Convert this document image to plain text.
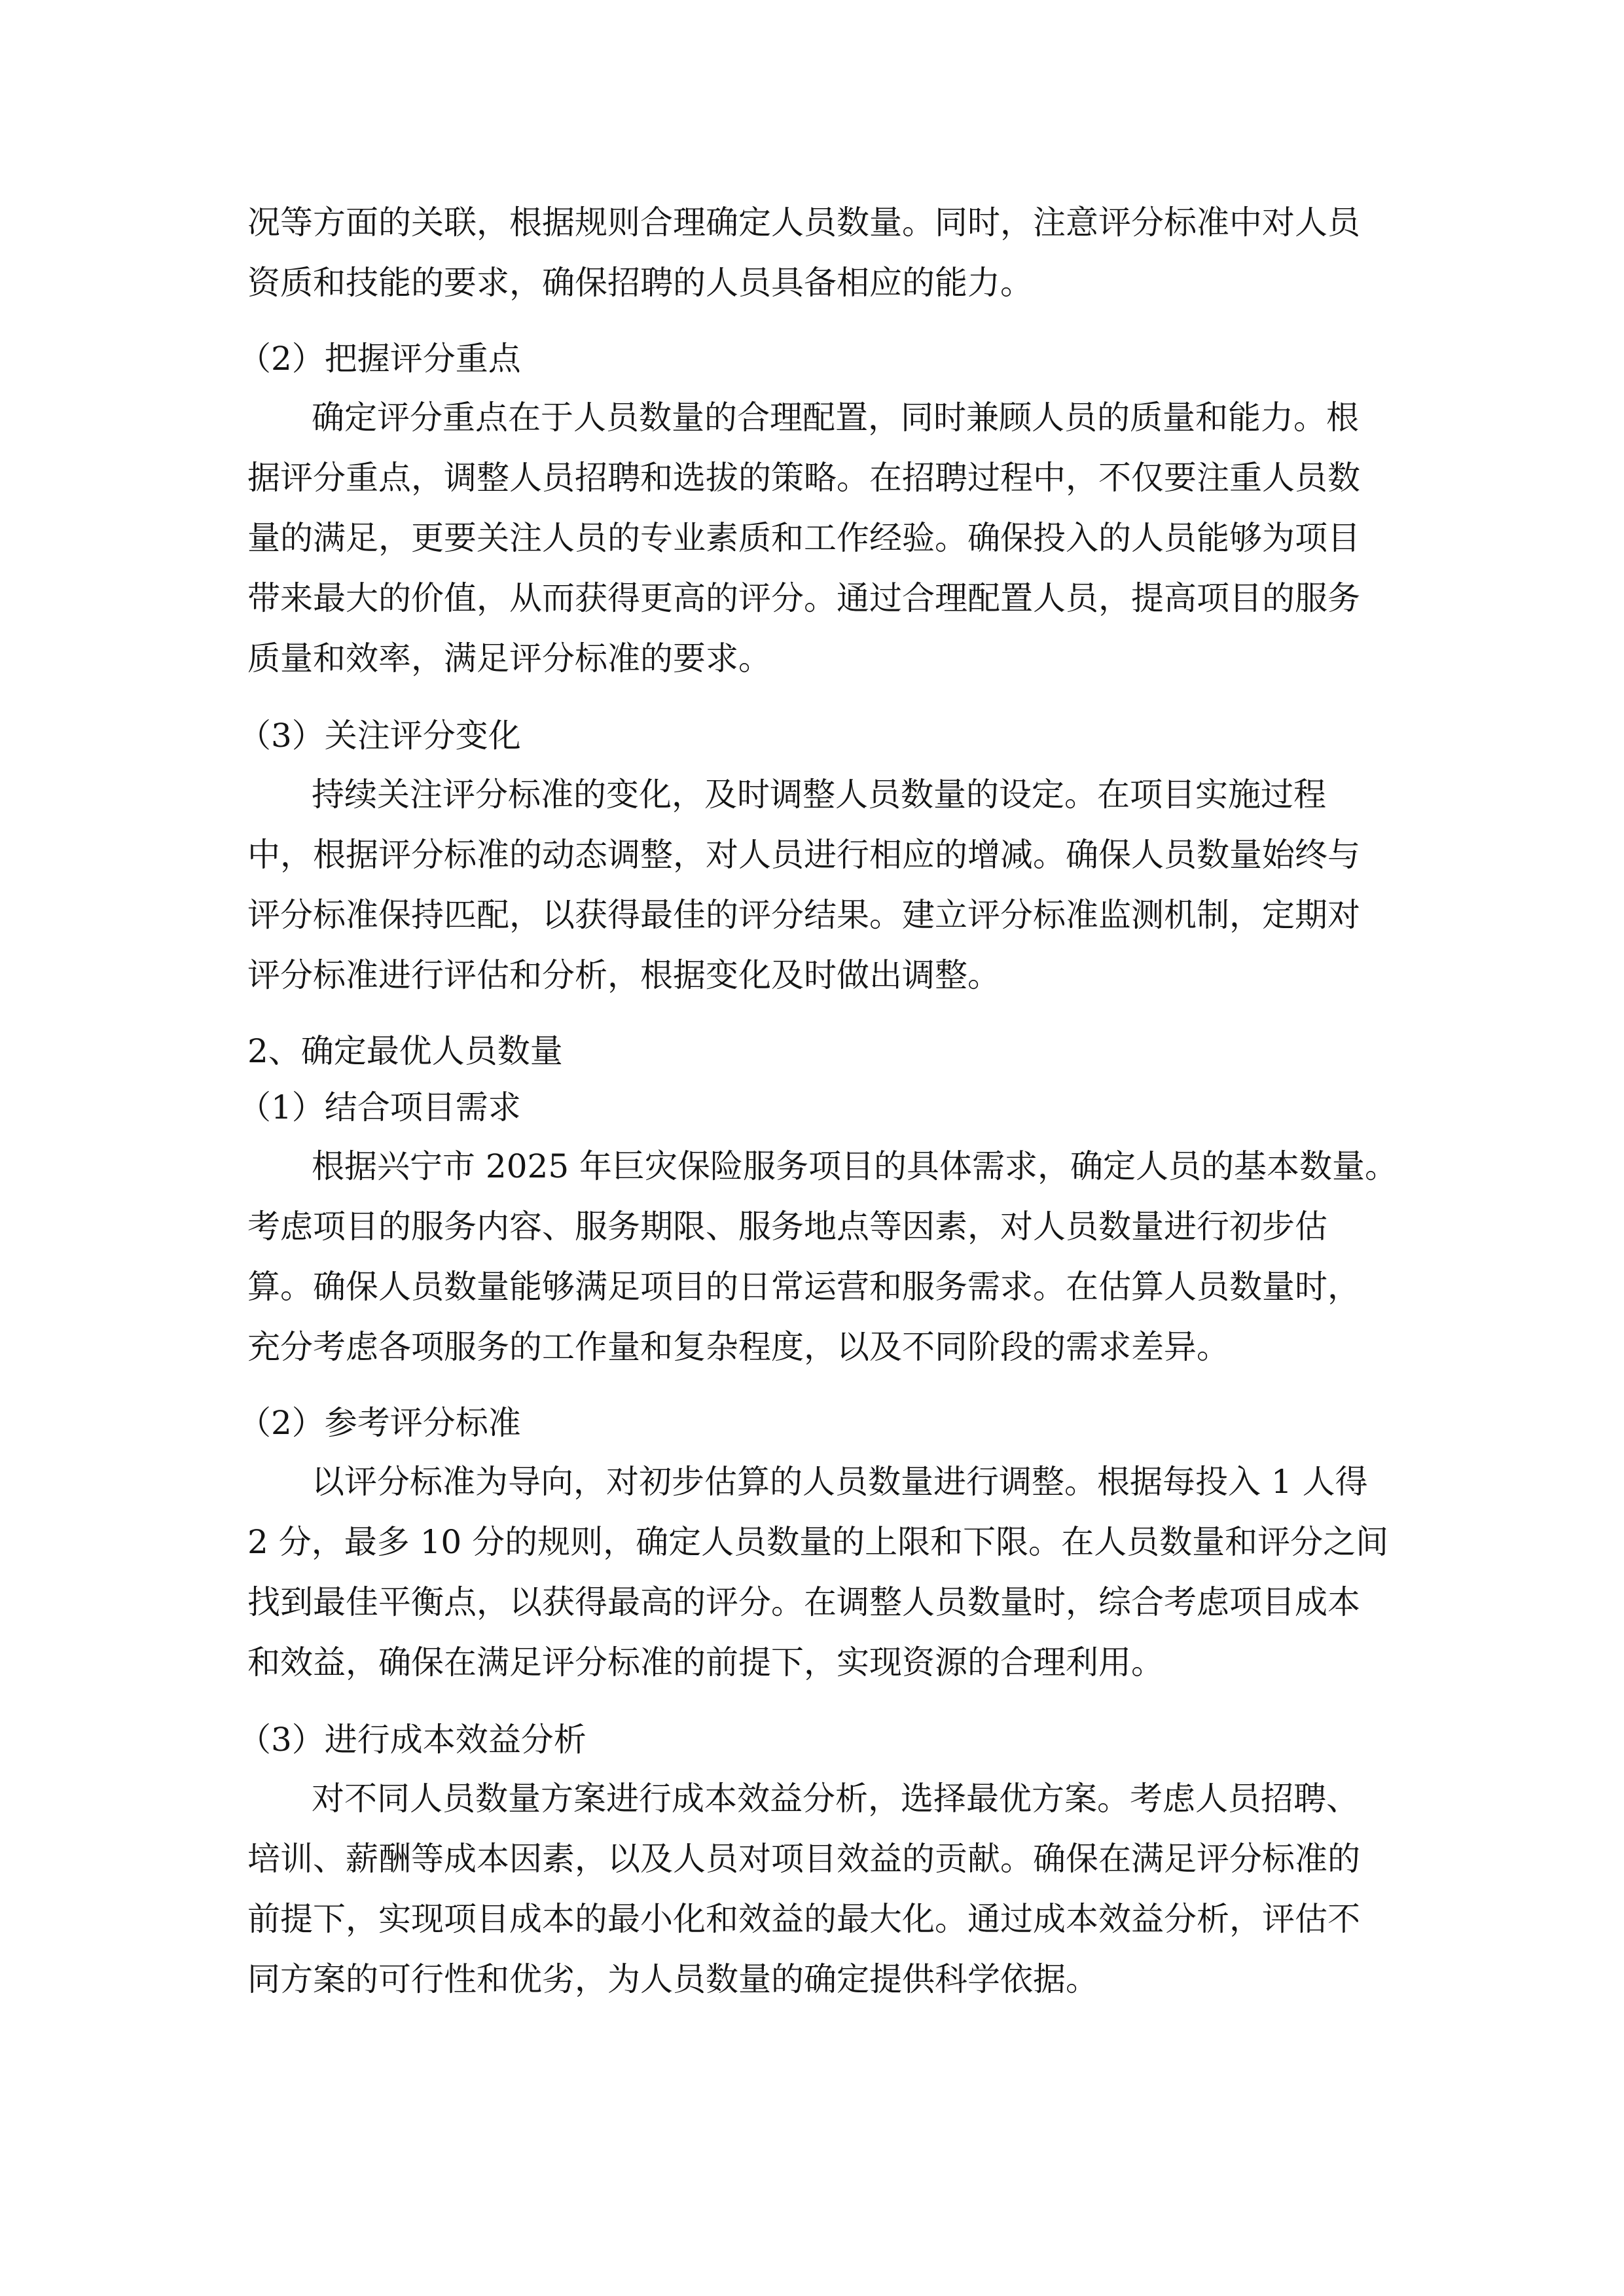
况等方面的关联，根据规则合理确定人员数量。同时，注意评分标准中对人员
资质和技能的要求，确保招聘的人员具备相应的能力。
（2）把握评分重点
确定评分重点在于人员数量的合理配置，同时兼顾人员的质量和能力。根
据评分重点，调整人员招聘和选拔的策略。在招聘过程中，不仅要注重人员数
量的满足，更要关注人员的专业素质和工作经验。确保投入的人员能够为项目
带来最大的价值，从而获得更高的评分。通过合理配置人员，提高项目的服务
质量和效率，满足评分标准的要求。
（3）关注评分变化
持续关注评分标准的变化，及时调整人员数量的设定。在项目实施过程
中，根据评分标准的动态调整，对人员进行相应的增减。确保人员数量始终与
评分标准保持匹配，以获得最佳的评分结果。建立评分标准监测机制，定期对
评分标准进行评估和分析，根据变化及时做出调整。
2、确定最优人员数量
（1）结合项目需求
根据兴宁市 2025 年巨灾保险服务项目的具体需求，确定人员的基本数量。
考虑项目的服务内容、服务期限、服务地点等因素，对人员数量进行初步估
算。确保人员数量能够满足项目的日常运营和服务需求。在估算人员数量时，
充分考虑各项服务的工作量和复杂程度，以及不同阶段的需求差异。
（2）参考评分标准
以评分标准为导向，对初步估算的人员数量进行调整。根据每投入 1 人得
2 分，最多 10 分的规则，确定人员数量的上限和下限。在人员数量和评分之间
找到最佳平衡点，以获得最高的评分。在调整人员数量时，综合考虑项目成本
和效益，确保在满足评分标准的前提下，实现资源的合理利用。
（3）进行成本效益分析
对不同人员数量方案进行成本效益分析，选择最优方案。考虑人员招聘、
培训、薪酬等成本因素，以及人员对项目效益的贡献。确保在满足评分标准的
前提下，实现项目成本的最小化和效益的最大化。通过成本效益分析，评估不
同方案的可行性和优劣，为人员数量的确定提供科学依据。
